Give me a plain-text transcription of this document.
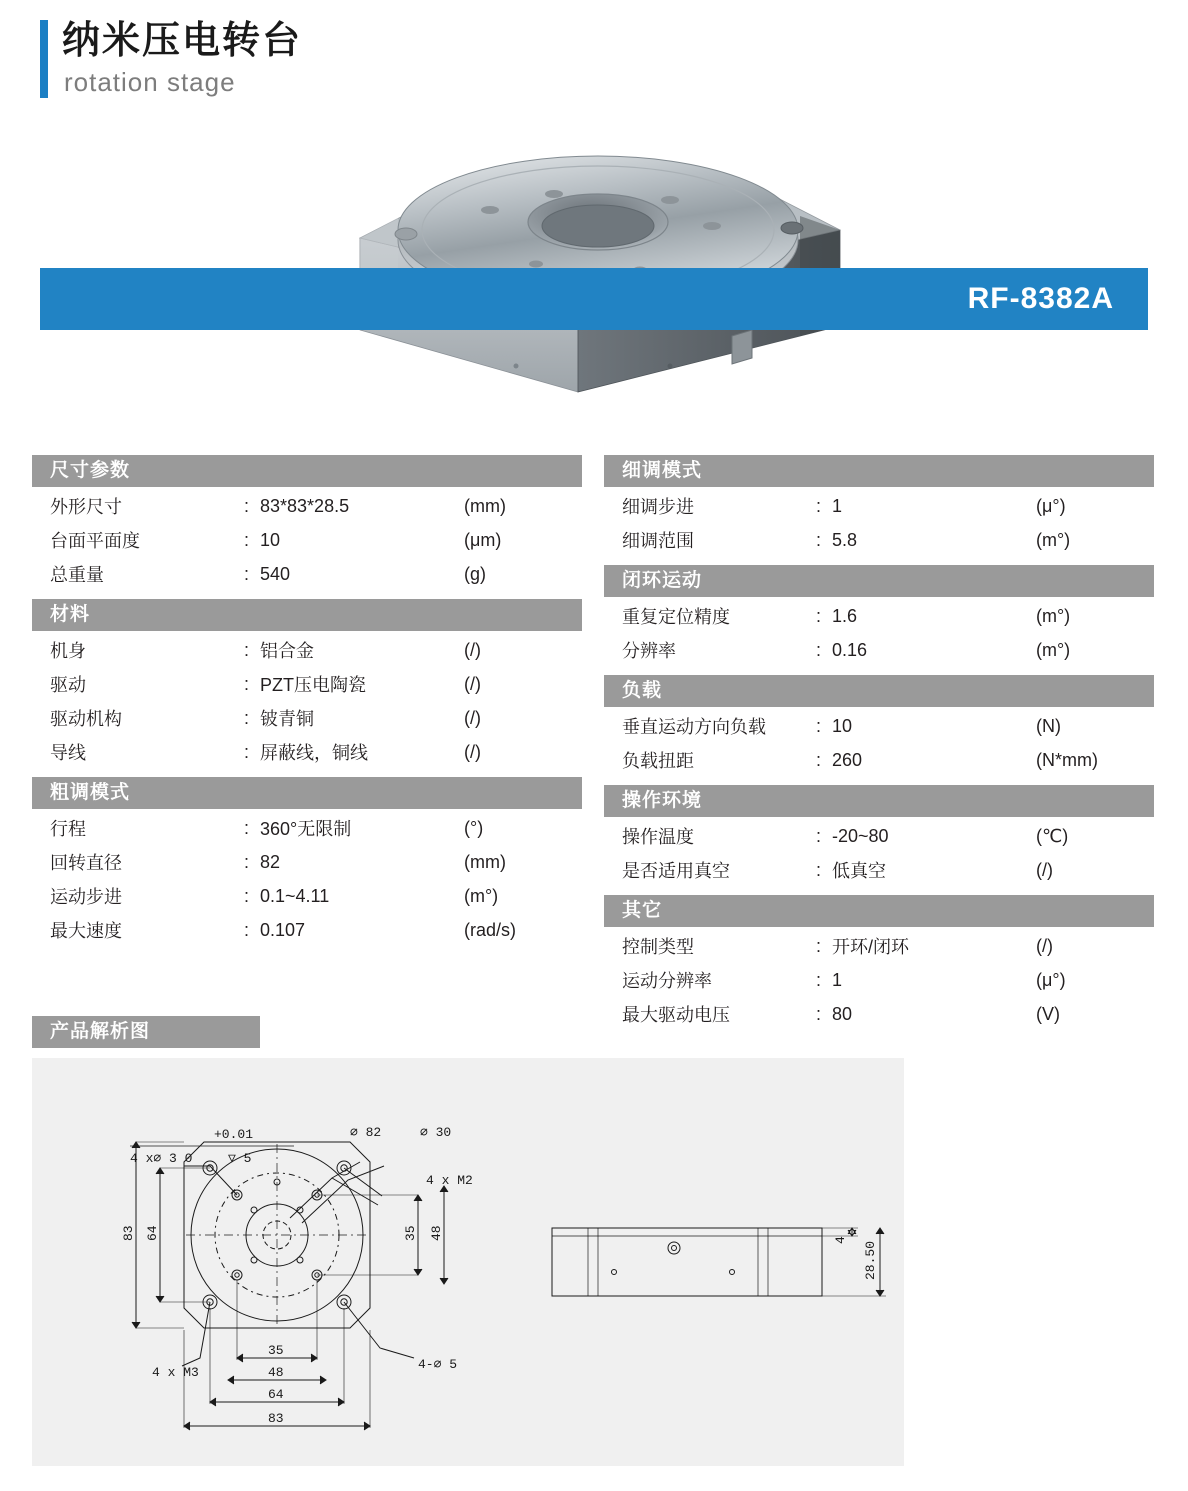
纳米压电转台
rotation stage
RF-8382A
尺寸参数
外形尺寸	: 83*83*28.5	(mm)
台面平面度	: 10	(μm)
总重量	: 540	(g)
材料
机身	: 铝合金	(/)
驱动	: PZT压电陶瓷	(/)
驱动机构	: 铍青铜	(/)
导线	: 屏蔽线，铜线	(/)
粗调模式
行程	: 360°无限制	(°)
回转直径	: 82	(mm)
运动步进	: 0.1~4.11	(m°)
最大速度	: 0.107	(rad/s)
细调模式
细调步进	: 1	(μ°)
细调范围	: 5.8	(m°)
闭环运动
重复定位精度	: 1.6	(m°)
分辨率	: 0.16	(m°)
负载
垂直运动方向负载	: 10	(N)
负载扭距	: 260	(N*mm)
操作环境
操作温度	: -20~80	(℃)
是否适用真空	: 低真空	(/)
其它
控制类型	: 开环/闭环	(/)
运动分辨率	: 1	(μ°)
最大驱动电压	: 80	(V)
产品解析图
+0.01
4 x⌀ 3 0	▽ 5
⌀ 82	⌀ 30
4 x M2
4 x M3
4-⌀ 5
83 64	35 48
35
48
64
83
4
28.50
